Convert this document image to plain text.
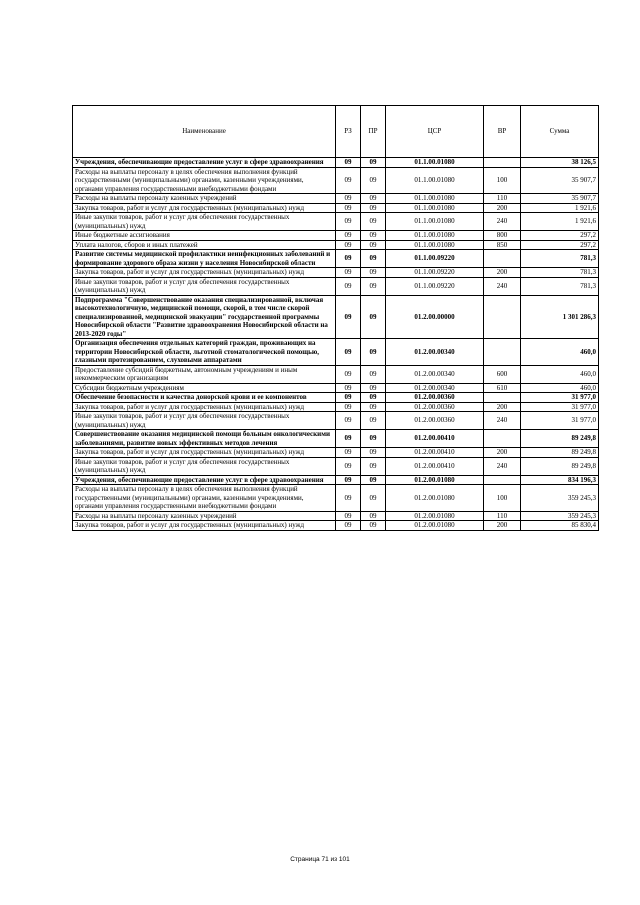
Наименование	РЗ	ПР	ЦСР	ВР	Сумма
Учреждения, обеспечивающие предоставление услуг в сфере здравоохранения	09	09	01.1.00.01080		38 126,5
Расходы на выплаты персоналу в целях обеспечения выполнения функций государственными (муниципальными) органами, казенными учреждениями, органами управления государственными внебюджетными фондами	09	09	01.1.00.01080	100	35 907,7
Расходы на выплаты персоналу казенных учреждений	09	09	01.1.00.01080	110	35 907,7
Закупка товаров, работ и услуг для государственных (муниципальных) нужд	09	09	01.1.00.01080	200	1 921,6
Иные закупки товаров, работ и услуг для обеспечения государственных (муниципальных) нужд	09	09	01.1.00.01080	240	1 921,6
Иные бюджетные ассигнования	09	09	01.1.00.01080	800	297,2
Уплата налогов, сборов и иных платежей	09	09	01.1.00.01080	850	297,2
Развитие системы медицинской профилактики неинфекционных заболеваний и формирование здорового образа жизни у населения Новосибирской области	09	09	01.1.00.09220		781,3
Закупка товаров, работ и услуг для государственных (муниципальных) нужд	09	09	01.1.00.09220	200	781,3
Иные закупки товаров, работ и услуг для обеспечения государственных (муниципальных) нужд	09	09	01.1.00.09220	240	781,3
Подпрограмма "Совершенствование оказания специализированной, включая высокотехнологичную, медицинской помощи, скорой, в том числе скорой специализированной, медицинской эвакуации" государственной программы Новосибирской области "Развитие здравоохранения Новосибирской области на 2013-2020 годы"	09	09	01.2.00.00000		1 301 286,3
Организация обеспечения отдельных категорий граждан, проживающих на территории Новосибирской области, льготной стоматологической помощью, глазными протезированием, слуховыми аппаратами	09	09	01.2.00.00340		460,0
Предоставление субсидий бюджетным, автономным учреждениям и иным некоммерческим организациям	09	09	01.2.00.00340	600	460,0
Субсидии бюджетным учреждениям	09	09	01.2.00.00340	610	460,0
Обеспечение безопасности и качества донорской крови и ее компонентов	09	09	01.2.00.00360		31 977,0
Закупка товаров, работ и услуг для государственных (муниципальных) нужд	09	09	01.2.00.00360	200	31 977,0
Иные закупки товаров, работ и услуг для обеспечения государственных (муниципальных) нужд	09	09	01.2.00.00360	240	31 977,0
Совершенствование оказания медицинской помощи больным онкологическими заболеваниями, развитие новых эффективных методов лечения	09	09	01.2.00.00410		89 249,8
Закупка товаров, работ и услуг для государственных (муниципальных) нужд	09	09	01.2.00.00410	200	89 249,8
Иные закупки товаров, работ и услуг для обеспечения государственных (муниципальных) нужд	09	09	01.2.00.00410	240	89 249,8
Учреждения, обеспечивающие предоставление услуг в сфере здравоохранения	09	09	01.2.00.01080		834 196,3
Расходы на выплаты персоналу в целях обеспечения выполнения функций государственными (муниципальными) органами, казенными учреждениями, органами управления государственными внебюджетными фондами	09	09	01.2.00.01080	100	359 245,3
Расходы на выплаты персоналу казенных учреждений	09	09	01.2.00.01080	110	359 245,3
Закупка товаров, работ и услуг для государственных (муниципальных) нужд	09	09	01.2.00.01080	200	85 830,4
Страница 71 из 101
